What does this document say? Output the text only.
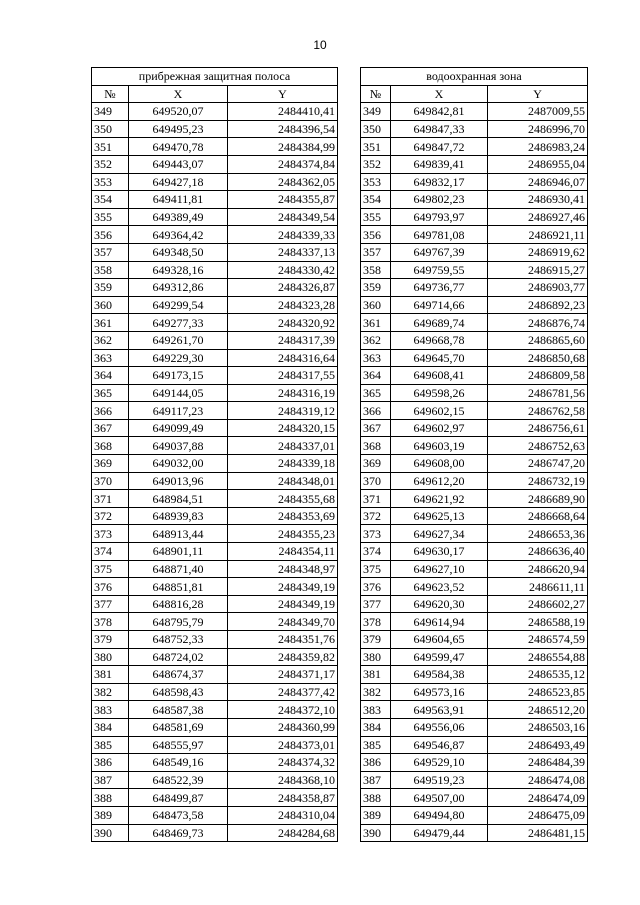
10
прибрежная защитная полоса				водоохранная зона		
№	X	Y		№	X	Y
349	649520,07	2484410,41		349	649842,81	2487009,55
350	649495,23	2484396,54		350	649847,33	2486996,70
351	649470,78	2484384,99		351	649847,72	2486983,24
352	649443,07	2484374,84		352	649839,41	2486955,04
353	649427,18	2484362,05		353	649832,17	2486946,07
354	649411,81	2484355,87		354	649802,23	2486930,41
355	649389,49	2484349,54		355	649793,97	2486927,46
356	649364,42	2484339,33		356	649781,08	2486921,11
357	649348,50	2484337,13		357	649767,39	2486919,62
358	649328,16	2484330,42		358	649759,55	2486915,27
359	649312,86	2484326,87		359	649736,77	2486903,77
360	649299,54	2484323,28		360	649714,66	2486892,23
361	649277,33	2484320,92		361	649689,74	2486876,74
362	649261,70	2484317,39		362	649668,78	2486865,60
363	649229,30	2484316,64		363	649645,70	2486850,68
364	649173,15	2484317,55		364	649608,41	2486809,58
365	649144,05	2484316,19		365	649598,26	2486781,56
366	649117,23	2484319,12		366	649602,15	2486762,58
367	649099,49	2484320,15		367	649602,97	2486756,61
368	649037,88	2484337,01		368	649603,19	2486752,63
369	649032,00	2484339,18		369	649608,00	2486747,20
370	649013,96	2484348,01		370	649612,20	2486732,19
371	648984,51	2484355,68		371	649621,92	2486689,90
372	648939,83	2484353,69		372	649625,13	2486668,64
373	648913,44	2484355,23		373	649627,34	2486653,36
374	648901,11	2484354,11		374	649630,17	2486636,40
375	648871,40	2484348,97		375	649627,10	2486620,94
376	648851,81	2484349,19		376	649623,52	2486611,11
377	648816,28	2484349,19		377	649620,30	2486602,27
378	648795,79	2484349,70		378	649614,94	2486588,19
379	648752,33	2484351,76		379	649604,65	2486574,59
380	648724,02	2484359,82		380	649599,47	2486554,88
381	648674,37	2484371,17		381	649584,38	2486535,12
382	648598,43	2484377,42		382	649573,16	2486523,85
383	648587,38	2484372,10		383	649563,91	2486512,20
384	648581,69	2484360,99		384	649556,06	2486503,16
385	648555,97	2484373,01		385	649546,87	2486493,49
386	648549,16	2484374,32		386	649529,10	2486484,39
387	648522,39	2484368,10		387	649519,23	2486474,08
388	648499,87	2484358,87		388	649507,00	2486474,09
389	648473,58	2484310,04		389	649494,80	2486475,09
390	648469,73	2484284,68		390	649479,44	2486481,15
